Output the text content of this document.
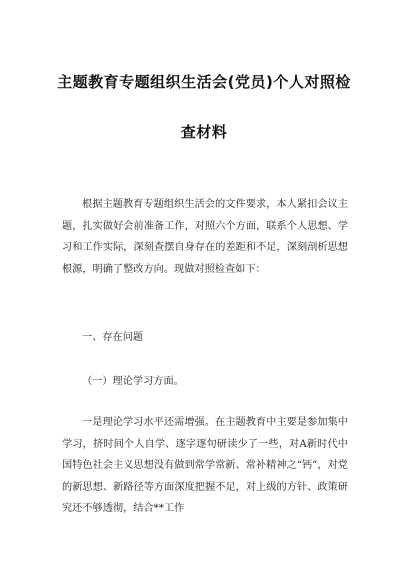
主题教育专题组织生活会(党员)个人对照检
查材料
根据主题教育专题组织生活会的文件要求，本人紧扣会议主题，扎实做好会前准备工作，对照六个方面，联系个人思想、学习和工作实际，深刻查摆自身存在的差距和不足，深刻剖析思想根源，明确了整改方向。现做对照检查如下：
一、存在问题
（一）理论学习方面。
一是理论学习水平还需增强。在主题教育中主要是参加集中学习，挤时间个人自学、逐字逐句研读少了一些，对A新时代中国特色社会主义思想没有做到常学常新、常补精神之“钙”，对党的新思想、新路径等方面深度把握不足，对上级的方针、政策研究还不够透彻，结合**工作
